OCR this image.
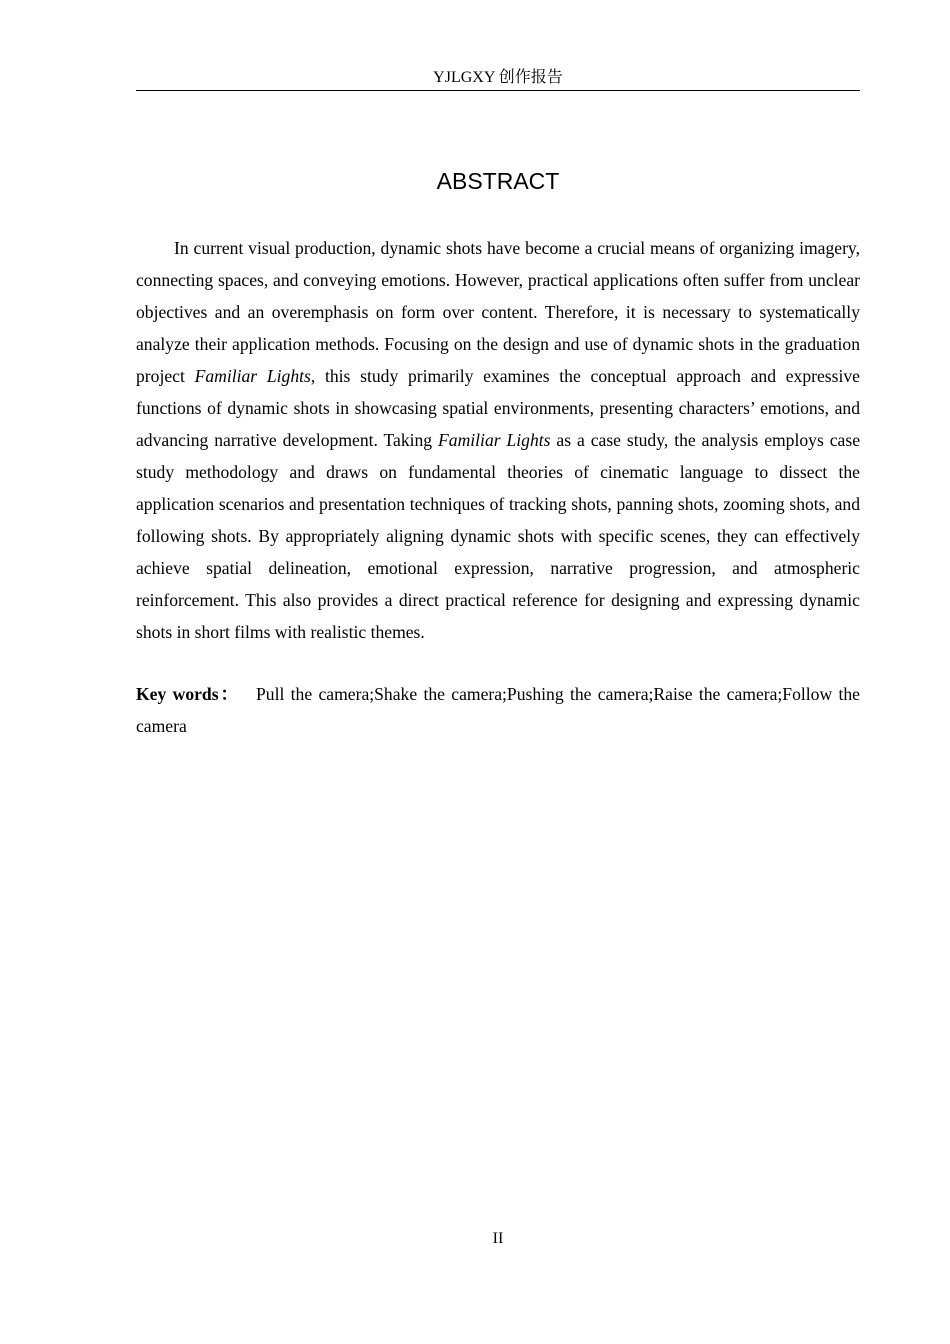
YJLGXY 创作报告
ABSTRACT

In current visual production, dynamic shots have become a crucial means of organizing imagery, connecting spaces, and conveying emotions. However, practical applications often suffer from unclear objectives and an overemphasis on form over content. Therefore, it is necessary to systematically analyze their application methods. Focusing on the design and use of dynamic shots in the graduation project Familiar Lights, this study primarily examines the conceptual approach and expressive functions of dynamic shots in showcasing spatial environments, presenting characters’ emotions, and advancing narrative development. Taking Familiar Lights as a case study, the analysis employs case study methodology and draws on fundamental theories of cinematic language to dissect the application scenarios and presentation techniques of tracking shots, panning shots, zooming shots, and following shots. By appropriately aligning dynamic shots with specific scenes, they can effectively achieve spatial delineation, emotional expression, narrative progression, and atmospheric reinforcement. This also provides a direct practical reference for designing and expressing dynamic shots in short films with realistic themes.

Key words： Pull the camera;Shake the camera;Pushing the camera;Raise the camera;Follow the camera

II
